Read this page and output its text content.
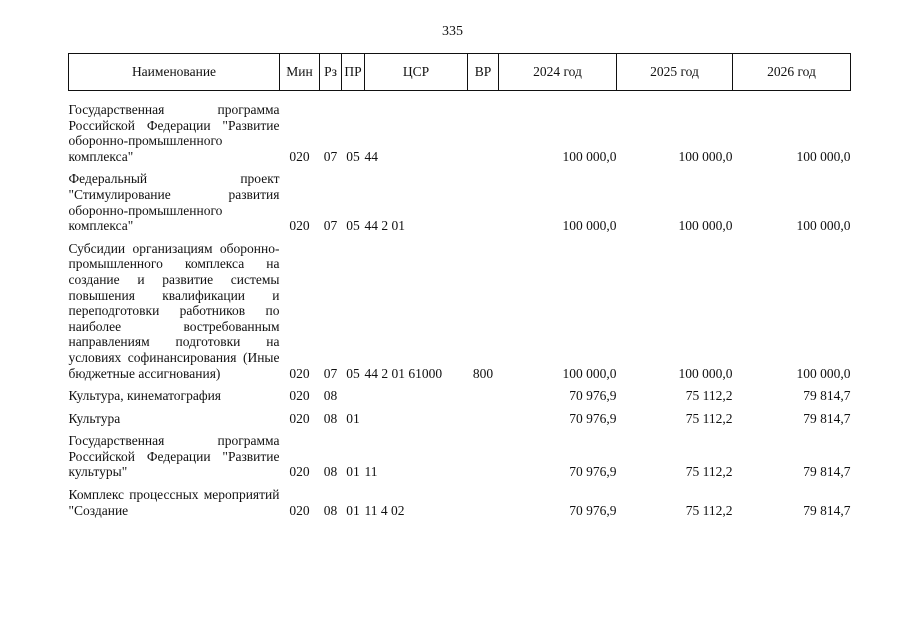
335
Наименование	Мин	Рз	ПР	ЦСР	ВР	2024 год	2025 год	2026 год
Государственная программа Российской Федерации "Развитие оборонно-промышленного комплекса"	020	07	05	44		100 000,0	100 000,0	100 000,0
Федеральный проект "Стимулирование развития оборонно-промышленного комплекса"	020	07	05	44 2 01		100 000,0	100 000,0	100 000,0
Субсидии организациям оборонно-промышленного комплекса на создание и развитие системы повышения квалификации и переподготовки работников по наиболее востребованным направлениям подготовки на условиях софинансирования (Иные бюджетные ассигнования)	020	07	05	44 2 01 61000	800	100 000,0	100 000,0	100 000,0
Культура, кинематография	020	08				70 976,9	75 112,2	79 814,7
Культура	020	08	01			70 976,9	75 112,2	79 814,7
Государственная программа Российской Федерации "Развитие культуры"	020	08	01	11		70 976,9	75 112,2	79 814,7

Комплекс процессных мероприятий "Создание	020	08	01	11 4 02		70 976,9	75 112,2	79 814,7
